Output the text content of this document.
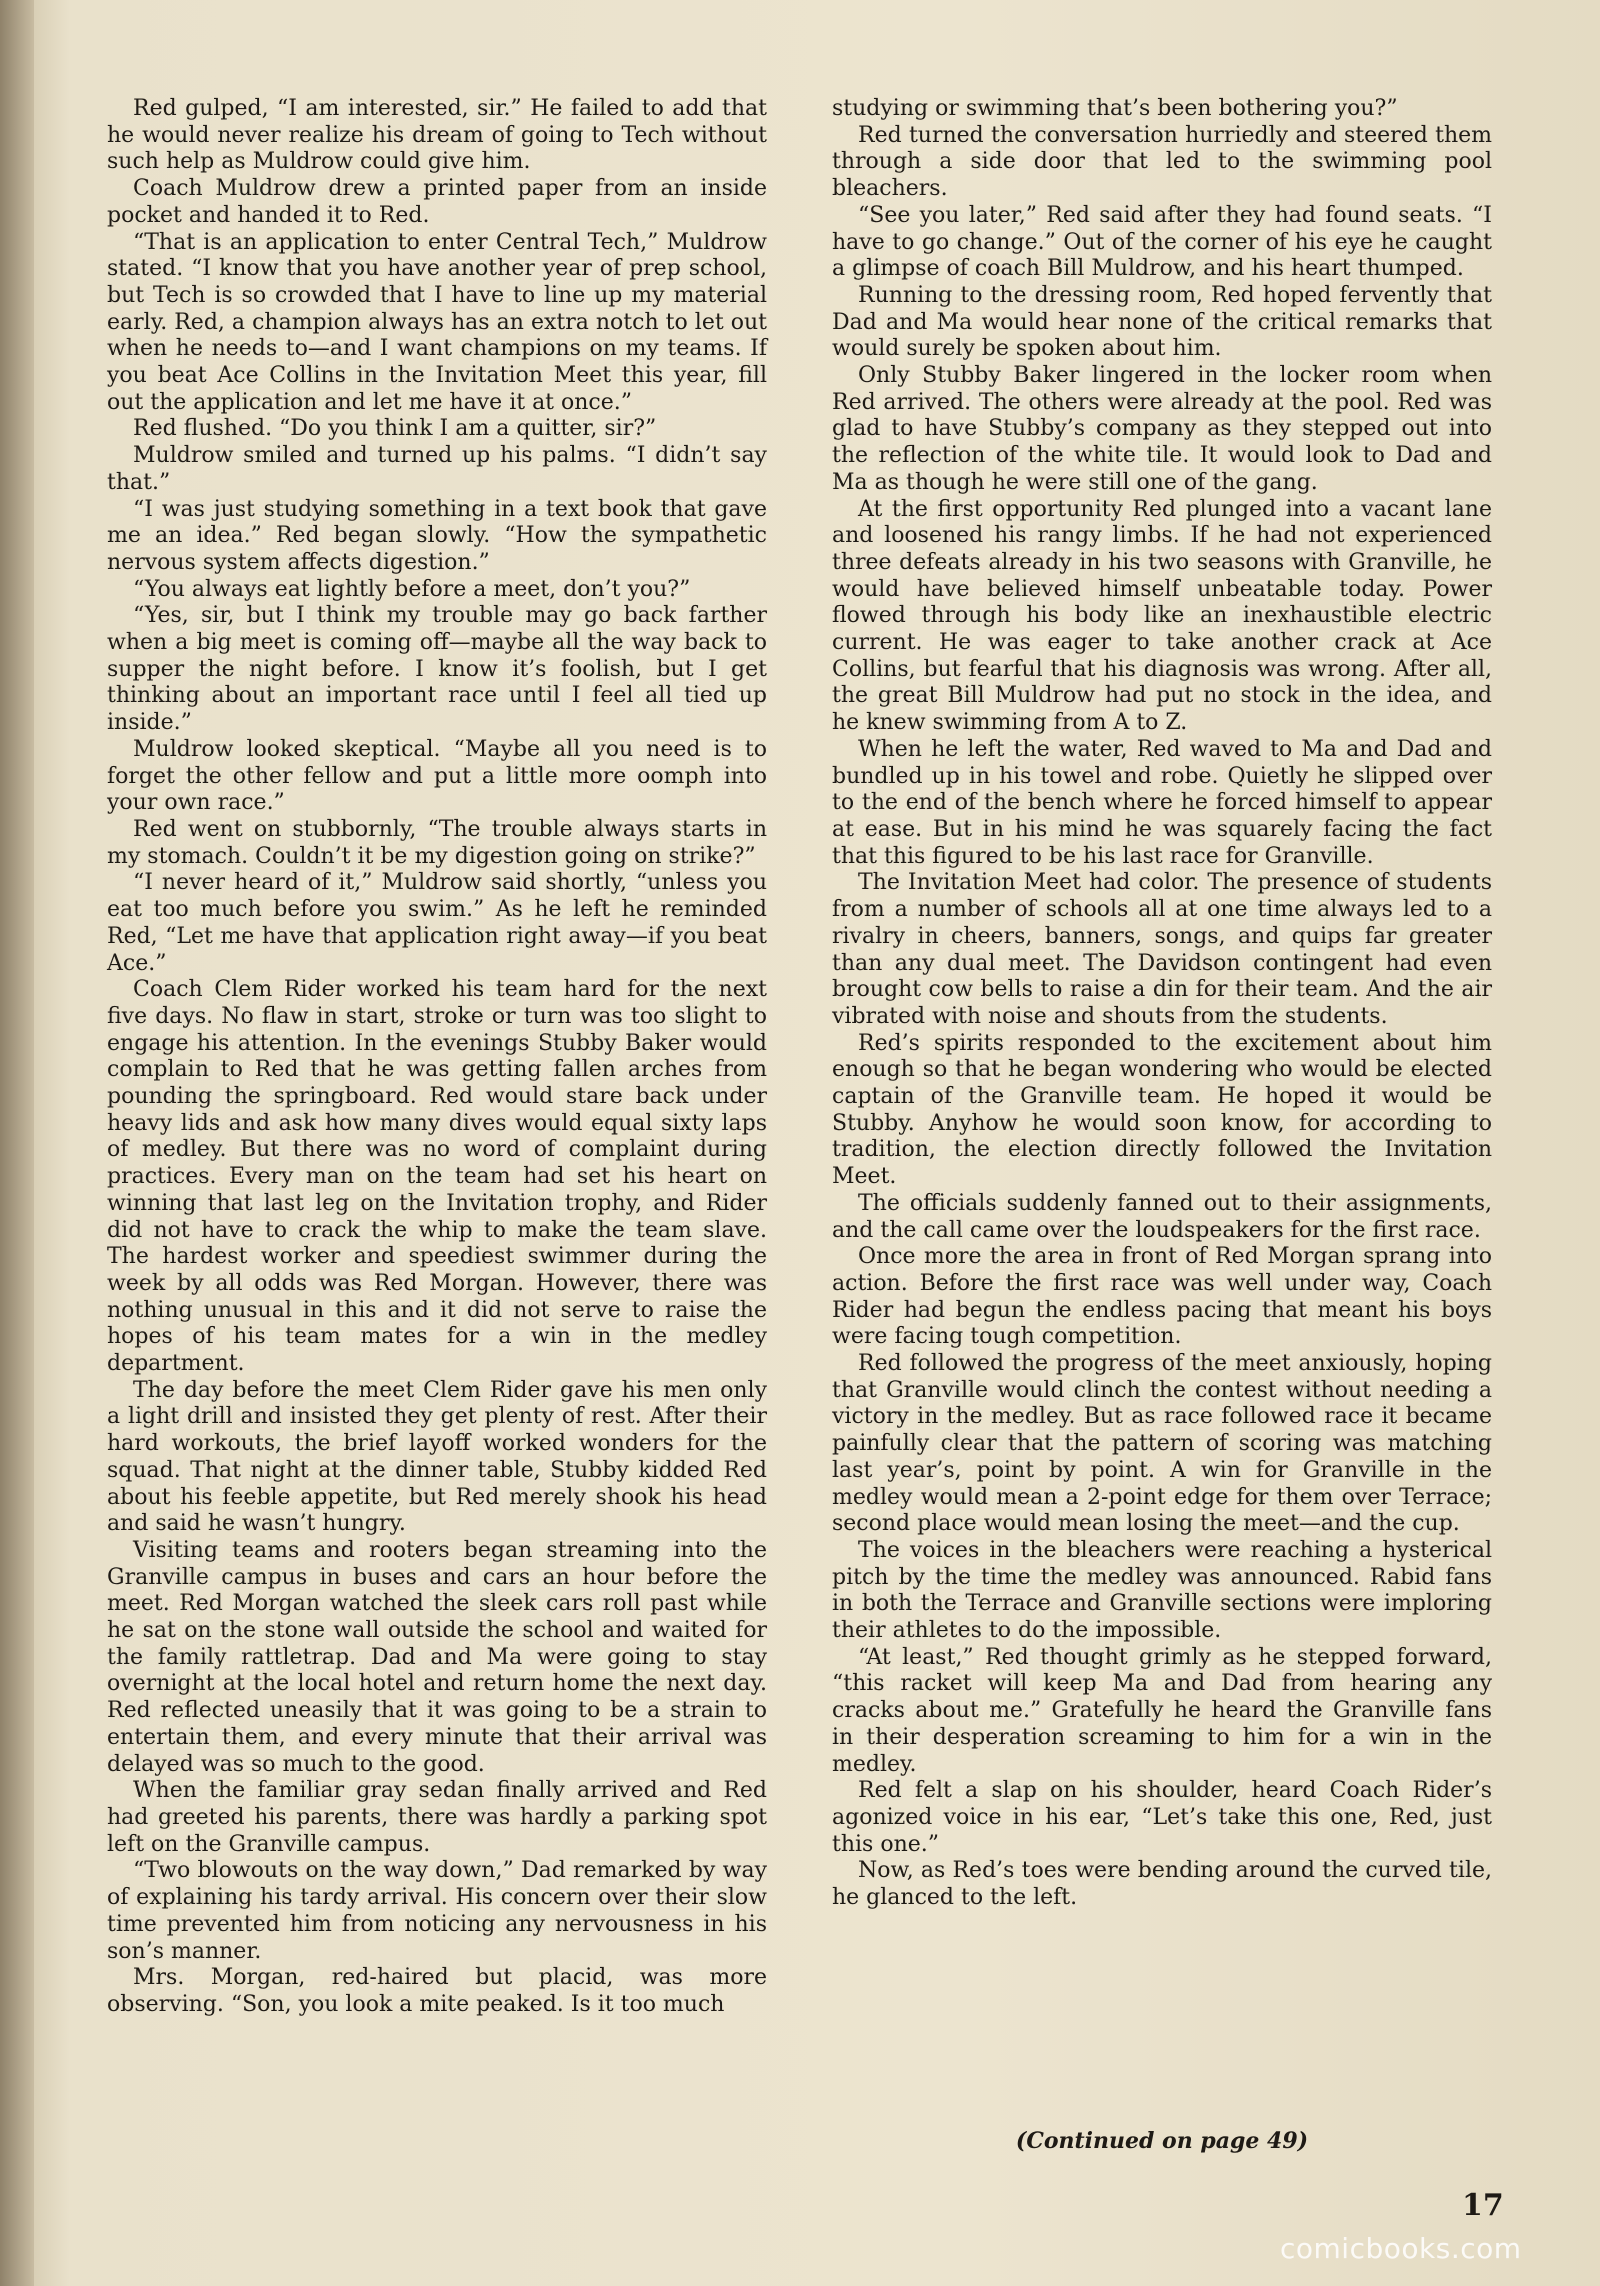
Red gulped, “I am interested, sir.” He failed to add that he would never realize his dream of going to Tech without such help as Muldrow could give him.

Coach Muldrow drew a printed paper from an inside pocket and handed it to Red.

“That is an application to enter Central Tech,” Muldrow stated. “I know that you have another year of prep school, but Tech is so crowded that I have to line up my material early. Red, a champion always has an extra notch to let out when he needs to—and I want champions on my teams. If you beat Ace Collins in the Invitation Meet this year, fill out the application and let me have it at once.”

Red flushed. “Do you think I am a quitter, sir?”

Muldrow smiled and turned up his palms. “I didn’t say that.”

“I was just studying something in a text book that gave me an idea.” Red began slowly. “How the sympathetic nervous system affects digestion.”

“You always eat lightly before a meet, don’t you?”

“Yes, sir, but I think my trouble may go back farther when a big meet is coming off—maybe all the way back to supper the night before. I know it’s foolish, but I get thinking about an important race until I feel all tied up inside.”

Muldrow looked skeptical. “Maybe all you need is to forget the other fellow and put a little more oomph into your own race.”

Red went on stubbornly, “The trouble always starts in my stomach. Couldn’t it be my digestion going on strike?”

“I never heard of it,” Muldrow said shortly, “unless you eat too much before you swim.” As he left he reminded Red, “Let me have that application right away—if you beat Ace.”

Coach Clem Rider worked his team hard for the next five days. No flaw in start, stroke or turn was too slight to engage his attention. In the evenings Stubby Baker would complain to Red that he was getting fallen arches from pounding the springboard. Red would stare back under heavy lids and ask how many dives would equal sixty laps of medley. But there was no word of complaint during practices. Every man on the team had set his heart on winning that last leg on the Invitation trophy, and Rider did not have to crack the whip to make the team slave. The hardest worker and speediest swimmer during the week by all odds was Red Morgan. However, there was nothing unusual in this and it did not serve to raise the hopes of his team mates for a win in the medley department.

The day before the meet Clem Rider gave his men only a light drill and insisted they get plenty of rest. After their hard workouts, the brief layoff worked wonders for the squad. That night at the dinner table, Stubby kidded Red about his feeble appetite, but Red merely shook his head and said he wasn’t hungry.

Visiting teams and rooters began streaming into the Granville campus in buses and cars an hour before the meet. Red Morgan watched the sleek cars roll past while he sat on the stone wall outside the school and waited for the family rattletrap. Dad and Ma were going to stay overnight at the local hotel and return home the next day. Red reflected uneasily that it was going to be a strain to entertain them, and every minute that their arrival was delayed was so much to the good.

When the familiar gray sedan finally arrived and Red had greeted his parents, there was hardly a parking spot left on the Granville campus.

“Two blowouts on the way down,” Dad remarked by way of explaining his tardy arrival. His concern over their slow time prevented him from noticing any nervousness in his son’s manner.

Mrs. Morgan, red-haired but placid, was more observing. “Son, you look a mite peaked. Is it too much

studying or swimming that’s been bothering you?”

Red turned the conversation hurriedly and steered them through a side door that led to the swimming pool bleachers.

“See you later,” Red said after they had found seats. “I have to go change.” Out of the corner of his eye he caught a glimpse of coach Bill Muldrow, and his heart thumped.

Running to the dressing room, Red hoped fervently that Dad and Ma would hear none of the critical remarks that would surely be spoken about him.

Only Stubby Baker lingered in the locker room when Red arrived. The others were already at the pool. Red was glad to have Stubby’s company as they stepped out into the reflection of the white tile. It would look to Dad and Ma as though he were still one of the gang.

At the first opportunity Red plunged into a vacant lane and loosened his rangy limbs. If he had not experienced three defeats already in his two seasons with Granville, he would have believed himself unbeatable today. Power flowed through his body like an inexhaustible electric current. He was eager to take another crack at Ace Collins, but fearful that his diagnosis was wrong. After all, the great Bill Muldrow had put no stock in the idea, and he knew swimming from A to Z.

When he left the water, Red waved to Ma and Dad and bundled up in his towel and robe. Quietly he slipped over to the end of the bench where he forced himself to appear at ease. But in his mind he was squarely facing the fact that this figured to be his last race for Granville.

The Invitation Meet had color. The presence of students from a number of schools all at one time always led to a rivalry in cheers, banners, songs, and quips far greater than any dual meet. The Davidson contingent had even brought cow bells to raise a din for their team. And the air vibrated with noise and shouts from the students.

Red’s spirits responded to the excitement about him enough so that he began wondering who would be elected captain of the Granville team. He hoped it would be Stubby. Anyhow he would soon know, for according to tradition, the election directly followed the Invitation Meet.

The officials suddenly fanned out to their assignments, and the call came over the loudspeakers for the first race.

Once more the area in front of Red Morgan sprang into action. Before the first race was well under way, Coach Rider had begun the endless pacing that meant his boys were facing tough competition.

Red followed the progress of the meet anxiously, hoping that Granville would clinch the contest without needing a victory in the medley. But as race followed race it became painfully clear that the pattern of scoring was matching last year’s, point by point. A win for Granville in the medley would mean a 2-point edge for them over Terrace; second place would mean losing the meet—and the cup.

The voices in the bleachers were reaching a hysterical pitch by the time the medley was announced. Rabid fans in both the Terrace and Granville sections were imploring their athletes to do the impossible.

“At least,” Red thought grimly as he stepped forward, “this racket will keep Ma and Dad from hearing any cracks about me.” Gratefully he heard the Granville fans in their desperation screaming to him for a win in the medley.

Red felt a slap on his shoulder, heard Coach Rider’s agonized voice in his ear, “Let’s take this one, Red, just this one.”

Now, as Red’s toes were bending around the curved tile, he glanced to the left.

(Continued on page 49)
17
comicbooks.com
